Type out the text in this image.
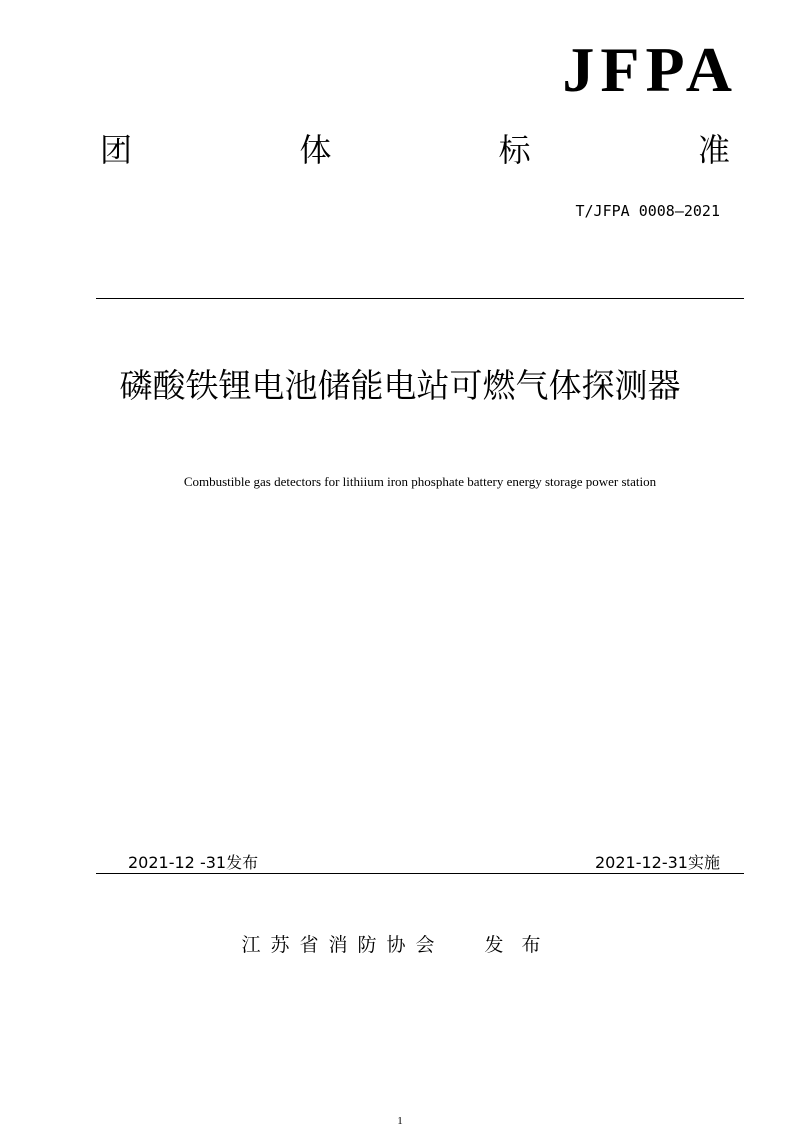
JFPA
团	体	标	准
T/JFPA 0008—2021
磷酸铁锂电池储能电站可燃气体探测器
Combustible gas detectors for lithiium iron phosphate battery energy storage power station
2021-12 -31发布	2021-12-31实施
江苏省消防协会 发布
1
